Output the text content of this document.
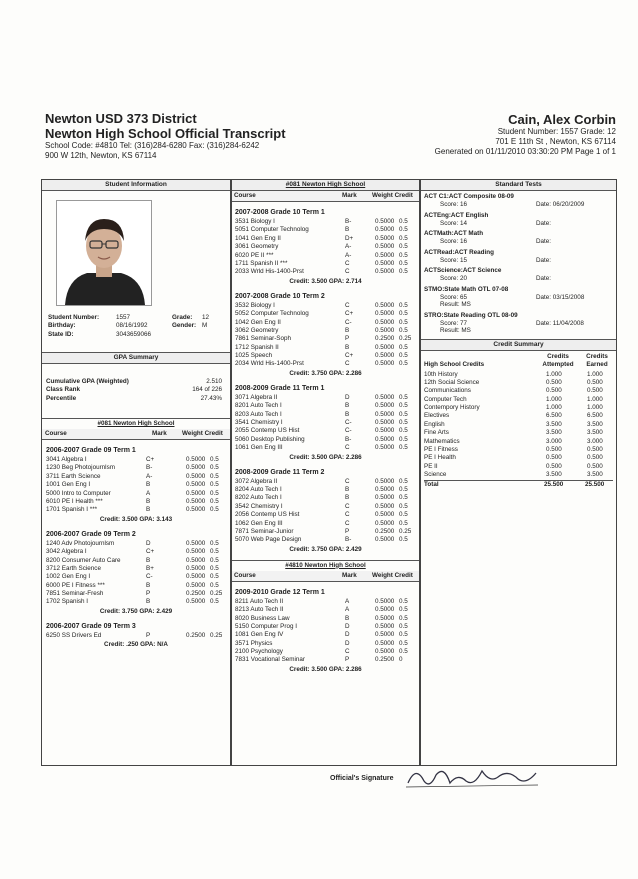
Newton USD 373 District
Newton High School Official Transcript
School Code: #4810 Tel: (316)284-6280 Fax: (316)284-6242
900 W 12th, Newton, KS 67114
Cain, Alex Corbin
Student Number: 1557 Grade: 12
701 E 11th St , Newton, KS 67114
Generated on 01/11/2010 03:30:20 PM Page 1 of 1
Student Information
Student Number:	1557	Grade: 12
Birthday:	08/16/1992	Gender: M
State ID:	3043659066
GPA Summary
Cumulative GPA (Weighted)	2.510
Class Rank	164 of 226
Percentile	27.43%
#081 Newton High School
Course	Mark Weight Credit
2006-2007 Grade 09 Term 1
3041 Algebra I	C+	0.5000 0.5
1230 Beg Photojournlsm	B-	0.5000 0.5
3711 Earth Science	A-	0.5000 0.5
1001 Gen Eng I	B	0.5000 0.5
5000 Intro to Computer	A	0.5000 0.5
6010 PE I Health ***	B	0.5000 0.5
1701 Spanish I ***	B	0.5000 0.5
Credit: 3.500 GPA: 3.143
2006-2007 Grade 09 Term 2
1240 Adv Photojournlsm	D	0.5000 0.5
3042 Algebra I	C+	0.5000 0.5
8200 Consumer Auto Care	B	0.5000 0.5
3712 Earth Science	B+	0.5000 0.5
1002 Gen Eng I	C-	0.5000 0.5
6000 PE I Fitness ***	B	0.5000 0.5
7851 Seminar-Fresh	P	0.2500 0.25
1702 Spanish I	B	0.5000 0.5
Credit: 3.750 GPA: 2.429
2006-2007 Grade 09 Term 3
6250 SS Drivers Ed	P	0.2500 0.25
Credit: .250 GPA: N/A
#081 Newton High School
Course	Mark Weight Credit
2007-2008 Grade 10 Term 1
3531 Biology I	B-	0.5000 0.5
5051 Computer Technolog	B	0.5000 0.5
1041 Gen Eng II	D+	0.5000 0.5
3061 Geometry	A-	0.5000 0.5
6020 PE II ***	A-	0.5000 0.5
1711 Spanish II ***	C	0.5000 0.5
2033 Wrld His-1400-Prst	C	0.5000 0.5
Credit: 3.500 GPA: 2.714
2007-2008 Grade 10 Term 2
3532 Biology I	C	0.5000 0.5
5052 Computer Technolog	C+	0.5000 0.5
1042 Gen Eng II	C-	0.5000 0.5
3062 Geometry	B	0.5000 0.5
7861 Seminar-Soph	P	0.2500 0.25
1712 Spanish II	B	0.5000 0.5
1025 Speech	C+	0.5000 0.5
2034 Wrld His-1400-Prst	C	0.5000 0.5
Credit: 3.750 GPA: 2.286
2008-2009 Grade 11 Term 1
3071 Algebra II	D	0.5000 0.5
8201 Auto Tech I	B	0.5000 0.5
8203 Auto Tech I	B	0.5000 0.5
3541 Chemistry I	C-	0.5000 0.5
2055 Contemp US Hist	C-	0.5000 0.5
5060 Desktop Publishing	B-	0.5000 0.5
1061 Gen Eng III	C	0.5000 0.5
Credit: 3.500 GPA: 2.286
2008-2009 Grade 11 Term 2
3072 Algebra II	C	0.5000 0.5
8204 Auto Tech I	B	0.5000 0.5
8202 Auto Tech I	B	0.5000 0.5
3542 Chemistry I	C	0.5000 0.5
2056 Contemp US Hist	C	0.5000 0.5
1062 Gen Eng III	C	0.5000 0.5
7871 Seminar-Junior	P	0.2500 0.25
5070 Web Page Design	B-	0.5000 0.5
Credit: 3.750 GPA: 2.429
#4810 Newton High School
Course	Mark Weight Credit
2009-2010 Grade 12 Term 1
8211 Auto Tech II	A	0.5000 0.5
8213 Auto Tech II	A	0.5000 0.5
8020 Business Law	B	0.5000 0.5
5150 Computer Prog I	D	0.5000 0.5
1081 Gen Eng IV	D	0.5000 0.5
3571 Physics	D	0.5000 0.5
2100 Psychology	C	0.5000 0.5
7831 Vocational Seminar	P	0.2500 0
Credit: 3.500 GPA: 2.286
Standard Tests
ACT C1:ACT Composite 08-09
Score: 16	Date: 06/20/2009
ACTEng:ACT English
Score: 14	Date:
ACTMath:ACT Math
Score: 16	Date:
ACTRead:ACT Reading
Score: 15	Date:
ACTScience:ACT Science
Score: 20	Date:
STMO:State Math OTL 07-08
Score: 65
Result: MS
Date: 03/15/2008
STRO:State Reading OTL 08-09
Score: 77
Result: MS
Date: 11/04/2008
Credit Summary
High School Credits
Credits Attempted
Credits Earned
10th History	1.000	1.000
12th Social Science	0.500	0.500
Communications	0.500	0.500
Computer Tech	1.000	1.000
Contempory History	1.000	1.000
Electives	6.500	6.500
English	3.500	3.500
Fine Arts	3.500	3.500
Mathematics	3.000	3.000
PE I Fitness	0.500	0.500
PE I Health	0.500	0.500
PE II	0.500	0.500
Science	3.500	3.500
Total	25.500	25.500
Official's Signature
